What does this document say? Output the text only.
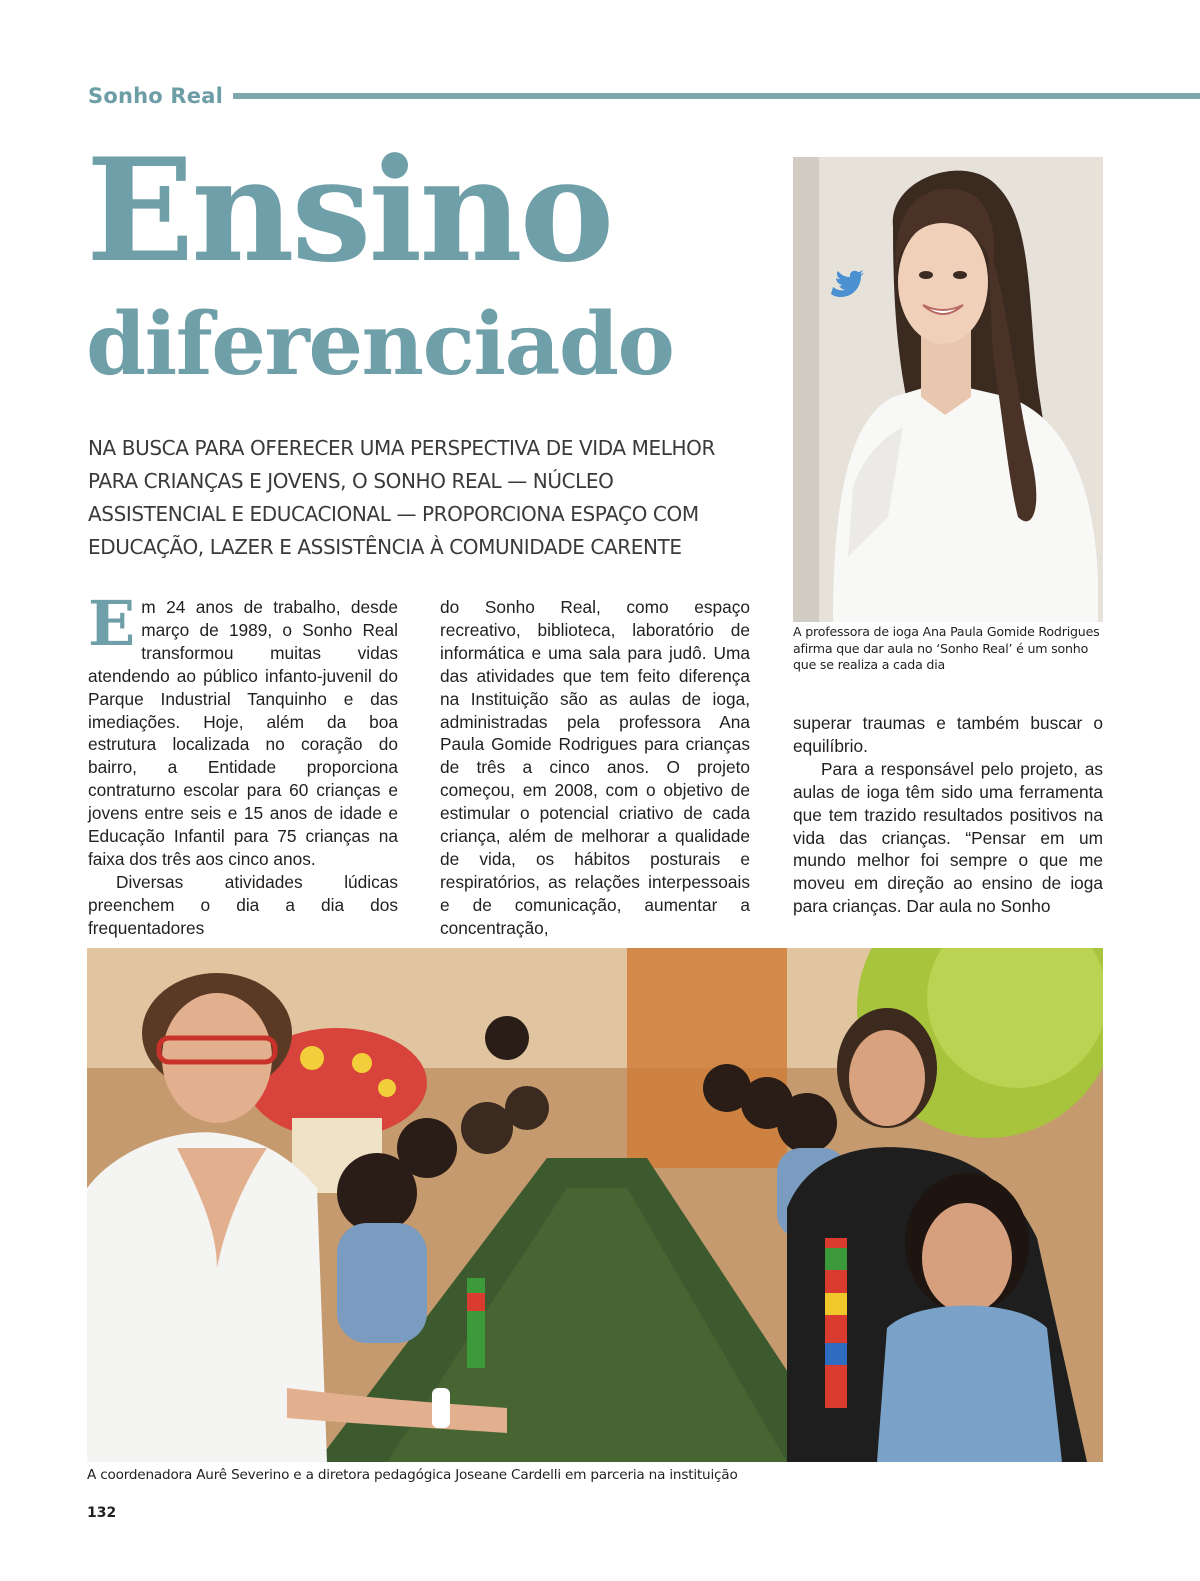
Sonho Real
Ensino
diferenciado
NA BUSCA PARA OFERECER UMA PERSPECTIVA DE VIDA MELHOR PARA CRIANÇAS E JOVENS, O SONHO REAL — NÚCLEO ASSISTENCIAL E EDUCACIONAL — PROPORCIONA ESPAÇO COM EDUCAÇÃO, LAZER E ASSISTÊNCIA À COMUNIDADE CARENTE

Em 24 anos de trabalho, desde março de 1989, o Sonho Real transformou muitas vidas atendendo ao público infanto-juvenil do Parque Industrial Tanquinho e das imediações. Hoje, além da boa estrutura localizada no coração do bairro, a Entidade proporciona contraturno escolar para 60 crianças e jovens entre seis e 15 anos de idade e Educação Infantil para 75 crianças na faixa dos três aos cinco anos.

Diversas atividades lúdicas preenchem o dia a dia dos frequentadores

do Sonho Real, como espaço recreativo, biblioteca, laboratório de informática e uma sala para judô. Uma das atividades que tem feito diferença na Instituição são as aulas de ioga, administradas pela professora Ana Paula Gomide Rodrigues para crianças de três a cinco anos. O projeto começou, em 2008, com o objetivo de estimular o potencial criativo de cada criança, além de melhorar a qualidade de vida, os hábitos posturais e respiratórios, as relações interpessoais e de comunicação, aumentar a concentração,

superar traumas e também buscar o equilíbrio.

Para a responsável pelo projeto, as aulas de ioga têm sido uma ferramenta que tem trazido resultados positivos na vida das crianças. “Pensar em um mundo melhor foi sempre o que me moveu em direção ao ensino de ioga para crianças. Dar aula no Sonho

A professora de ioga Ana Paula Gomide Rodrigues afirma que dar aula no ‘Sonho Real’ é um sonho que se realiza a cada dia
A coordenadora Aurê Severino e a diretora pedagógica Joseane Cardelli em parceria na instituição
132
